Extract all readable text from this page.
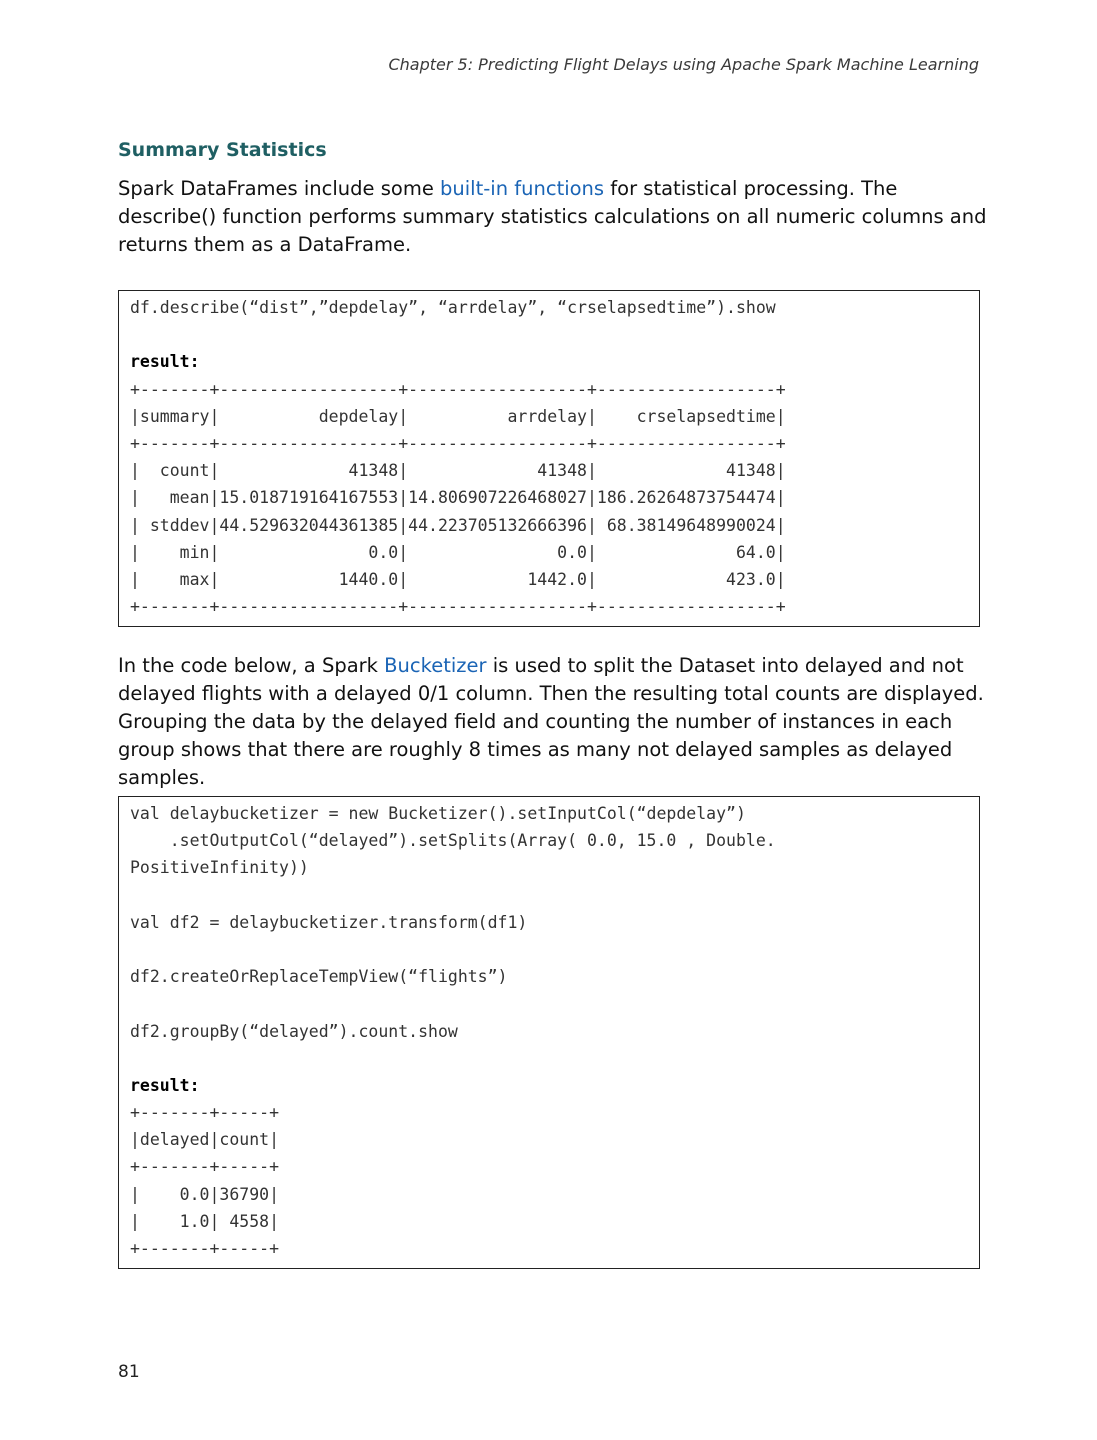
Chapter 5: Predicting Flight Delays using Apache Spark Machine Learning
Summary Statistics

Spark DataFrames include some built-in functions for statistical processing. The describe() function performs summary statistics calculations on all numeric columns and returns them as a DataFrame.

df.describe(“dist”,”depdelay”, “arrdelay”, “crselapsedtime”).show
result:
+-------+------------------+------------------+------------------+
|summary|          depdelay|          arrdelay|    crselapsedtime|
+-------+------------------+------------------+------------------+
|  count|             41348|             41348|             41348|
|   mean|15.018719164167553|14.806907226468027|186.26264873754474|
| stddev|44.529632044361385|44.223705132666396| 68.38149648990024|
|    min|               0.0|               0.0|              64.0|
|    max|            1440.0|            1442.0|             423.0|
+-------+------------------+------------------+------------------+

In the code below, a Spark Bucketizer is used to split the Dataset into delayed and not delayed flights with a delayed 0/1 column. Then the resulting total counts are displayed. Grouping the data by the delayed field and counting the number of instances in each group shows that there are roughly 8 times as many not delayed samples as delayed samples.

val delaybucketizer = new Bucketizer().setInputCol(“depdelay”)
.setOutputCol(“delayed”).setSplits(Array( 0.0, 15.0 , Double.
PositiveInfinity))
val df2 = delaybucketizer.transform(df1)
df2.createOrReplaceTempView(“flights”)
df2.groupBy(“delayed”).count.show
result:
+-------+-----+
|delayed|count|
+-------+-----+
|    0.0|36790|
|    1.0| 4558|
+-------+-----+
81
